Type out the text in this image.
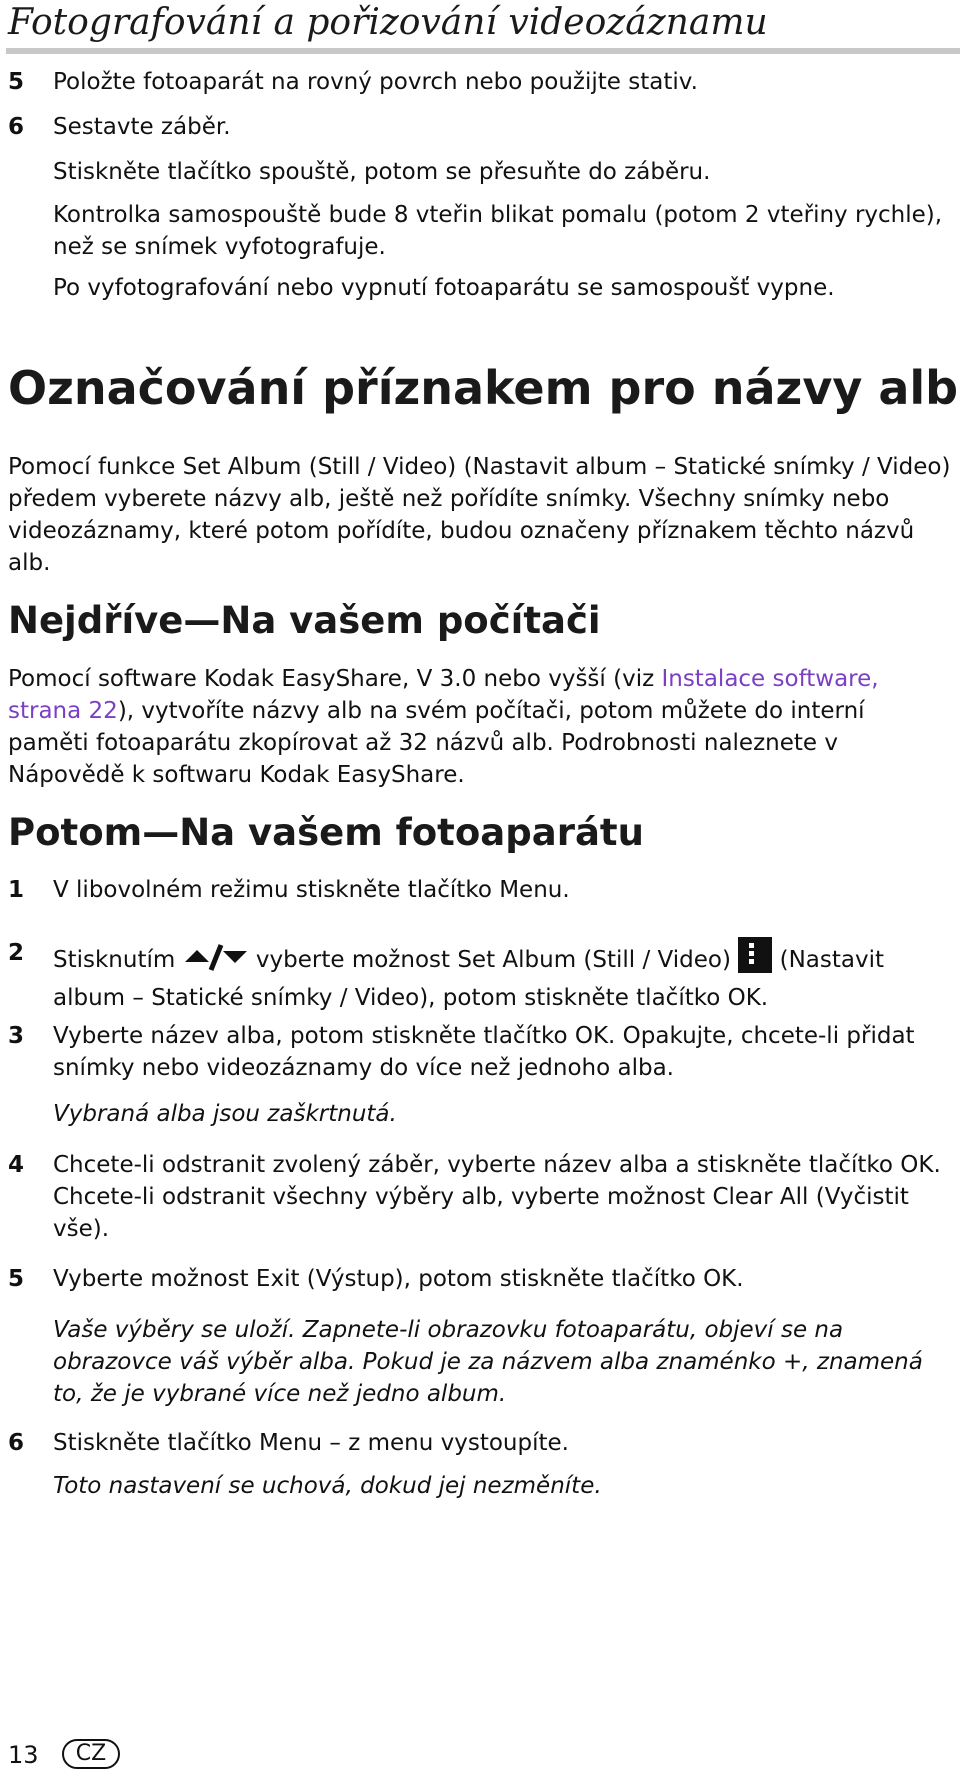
Fotografování a pořizování videozáznamu
5 Položte fotoaparát na rovný povrch nebo použijte stativ.
6 Sestavte záběr.
Stiskněte tlačítko spouště, potom se přesuňte do záběru.
Kontrolka samospouště bude 8 vteřin blikat pomalu (potom 2 vteřiny rychle), než se snímek vyfotografuje.
Po vyfotografování nebo vypnutí fotoaparátu se samospoušť vypne.
Označování příznakem pro názvy alb
Pomocí funkce Set Album (Still / Video) (Nastavit album – Statické snímky / Video) předem vyberete názvy alb, ještě než pořídíte snímky. Všechny snímky nebo videozáznamy, které potom pořídíte, budou označeny příznakem těchto názvů alb.
Nejdříve—Na vašem počítači
Pomocí software Kodak EasyShare, V 3.0 nebo vyšší (viz Instalace software, strana 22), vytvoříte názvy alb na svém počítači, potom můžete do interní paměti fotoaparátu zkopírovat až 32 názvů alb. Podrobnosti naleznete v Nápovědě k softwaru Kodak EasyShare.
Potom—Na vašem fotoaparátu
1 V libovolném režimu stiskněte tlačítko Menu.
2 Stisknutím	vyberte možnost Set Album (Still / Video) (Nastavit album – Statické snímky / Video), potom stiskněte tlačítko OK.
3 Vyberte název alba, potom stiskněte tlačítko OK. Opakujte, chcete-li přidat snímky nebo videozáznamy do více než jednoho alba.
Vybraná alba jsou zaškrtnutá.
4 Chcete-li odstranit zvolený záběr, vyberte název alba a stiskněte tlačítko OK. Chcete-li odstranit všechny výběry alb, vyberte možnost Clear All (Vyčistit vše).
5 Vyberte možnost Exit (Výstup), potom stiskněte tlačítko OK.
Vaše výběry se uloží. Zapnete-li obrazovku fotoaparátu, objeví se na obrazovce váš výběr alba. Pokud je za názvem alba znaménko +, znamená to, že je vybrané více než jedno album.
6 Stiskněte tlačítko Menu – z menu vystoupíte.
Toto nastavení se uchová, dokud jej nezměníte.
13	CZ
